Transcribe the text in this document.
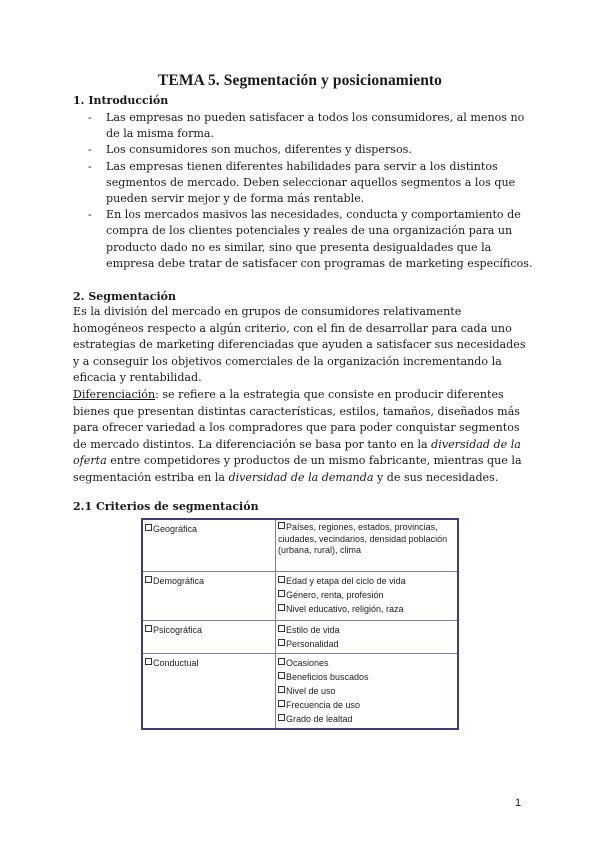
TEMA 5. Segmentación y posicionamiento
1. Introducción
- Las empresas no pueden satisfacer a todos los consumidores, al menos no de la misma forma.
- Los consumidores son muchos, diferentes y dispersos.
- Las empresas tienen diferentes habilidades para servir a los distintos segmentos de mercado. Deben seleccionar aquellos segmentos a los que pueden servir mejor y de forma más rentable.
- En los mercados masivos las necesidades, conducta y comportamiento de compra de los clientes potenciales y reales de una organización para un producto dado no es similar, sino que presenta desigualdades que la empresa debe tratar de satisfacer con programas de marketing específicos.
2. Segmentación
Es la división del mercado en grupos de consumidores relativamente homogéneos respecto a algún criterio, con el fin de desarrollar para cada uno estrategias de marketing diferenciadas que ayuden a satisfacer sus necesidades y a conseguir los objetivos comerciales de la organización incrementando la eficacia y rentabilidad.
Diferenciación: se refiere a la estrategia que consiste en producir diferentes bienes que presentan distintas características, estilos, tamaños, diseñados más para ofrecer variedad a los compradores que para poder conquistar segmentos de mercado distintos. La diferenciación se basa por tanto en la diversidad de la oferta entre competidores y productos de un mismo fabricante, mientras que la segmentación estriba en la diversidad de la demanda y de sus necesidades.
2.1 Criterios de segmentación
Geográfica	Países, regiones, estados, provincias, ciudades, vecindarios, densidad población (urbana, rural), clima

Demográfica	Edad y etapa del ciclo de vida
Género, renta, profesión
Nivel educativo, religión, raza

Psicográfica	Estilo de vida
Personalidad

Conductual	Ocasiones
Beneficios buscados
Nivel de uso
Frecuencia de uso
Grado de lealtad
1
